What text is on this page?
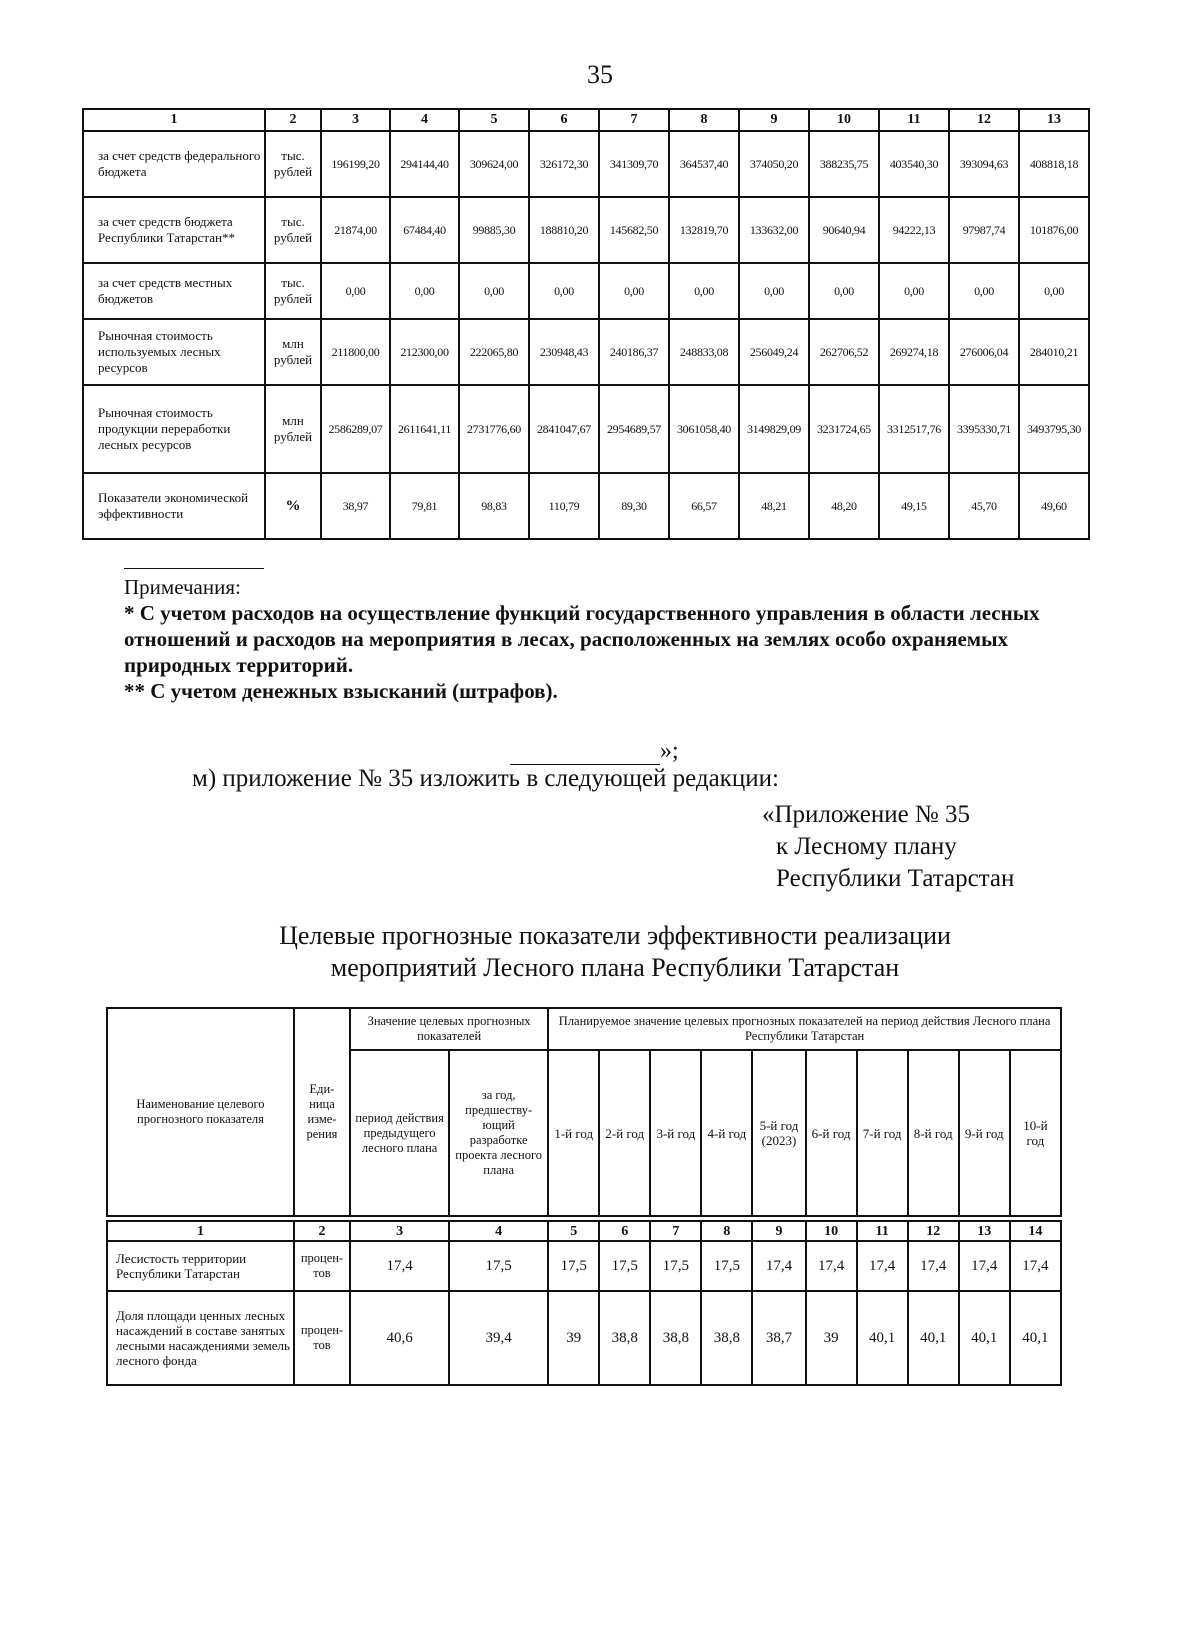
35
1	2	3	4	5	6	7	8	9	10	11	12	13
за счет средств федерального бюджета	тыс. рублей	196199,20	294144,40	309624,00	326172,30	341309,70	364537,40	374050,20	388235,75	403540,30	393094,63	408818,18
за счет средств бюджета Республики Татарстан**	тыс. рублей	21874,00	67484,40	99885,30	188810,20	145682,50	132819,70	133632,00	90640,94	94222,13	97987,74	101876,00
за счет средств местных бюджетов	тыс. рублей	0,00	0,00	0,00	0,00	0,00	0,00	0,00	0,00	0,00	0,00	0,00
Рыночная стоимость используемых лесных ресурсов	млн рублей	211800,00	212300,00	222065,80	230948,43	240186,37	248833,08	256049,24	262706,52	269274,18	276006,04	284010,21
Рыночная стоимость продукции переработки лесных ресурсов	млн рублей	2586289,07	2611641,11	2731776,60	2841047,67	2954689,57	3061058,40	3149829,09	3231724,65	3312517,76	3395330,71	3493795,30
Показатели экономической эффективности	%	38,97	79,81	98,83	110,79	89,30	66,57	48,21	48,20	49,15	45,70	49,60

Примечания:

* С учетом расходов на осуществление функций государственного управления в области лесных отношений и расходов на мероприятия в лесах, расположенных на землях особо охраняемых природных территорий.

** С учетом денежных взысканий (штрафов).

»;
м) приложение № 35 изложить в следующей редакции:
«Приложение № 35
к Лесному плану
Республики Татарстан
Целевые прогнозные показатели эффективности реализации
мероприятий Лесного плана Республики Татарстан
Наименование целевого прогнозного показателя	Еди- ница изме- рения	Значение целевых прогнозных показателей		Планируемое значение целевых прогнозных показателей на период действия Лесного плана Республики Татарстан									
		период действия предыдущего лесного плана	за год, предшеству- ющий разработке проекта лесного плана	1-й год	2-й год	3-й год	4-й год	5-й год (2023)	6-й год	7-й год	8-й год	9-й год	10-й год

1	2	3	4	5	6	7	8	9	10	11	12	13	14
Лесистость территории Республики Татарстан	процен- тов	17,4	17,5	17,5	17,5	17,5	17,5	17,4	17,4	17,4	17,4	17,4	17,4
Доля площади ценных лесных насаждений в составе занятых лесными насаждениями земель лесного фонда	процен- тов	40,6	39,4	39	38,8	38,8	38,8	38,7	39	40,1	40,1	40,1	40,1
